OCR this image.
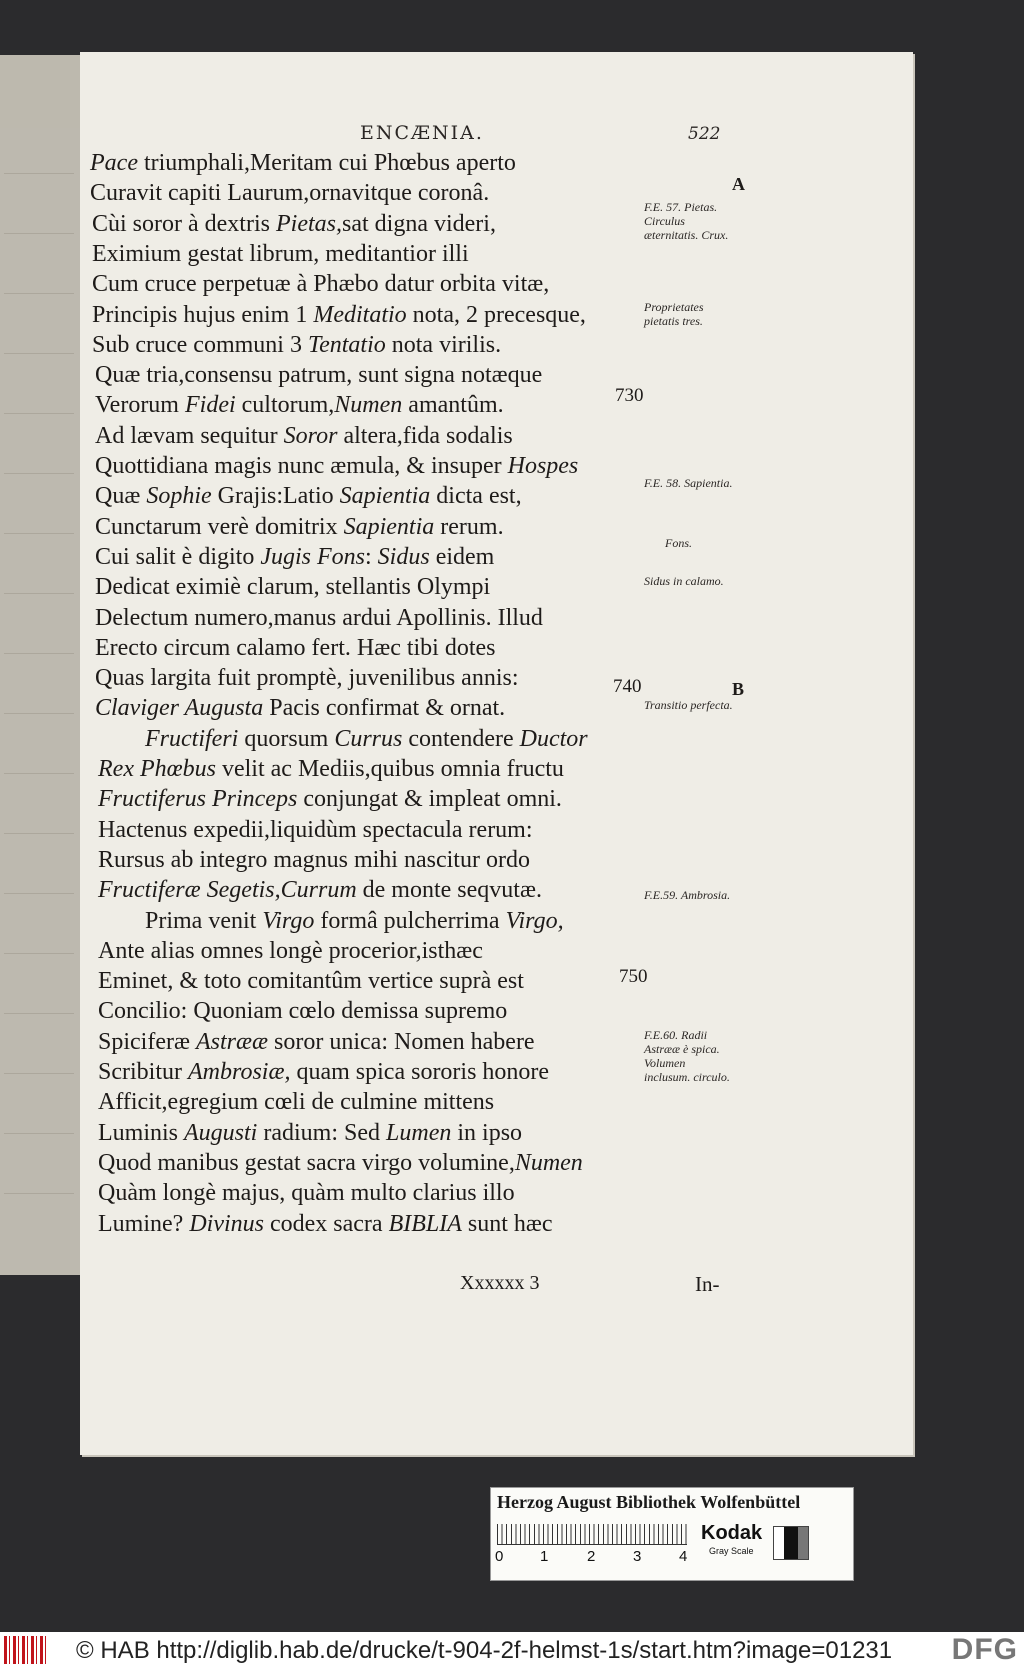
ENCÆNIA.	522
Pace triumphali,Meritam cui Phœbus aperto
Curavit capiti Laurum,ornavitque coronâ.
Cùi soror à dextris Pietas,sat digna videri,
Eximium gestat librum, meditantior illi
Cum cruce perpetuæ à Phæbo datur orbita vitæ,
Principis hujus enim 1 Meditatio nota, 2 precesque,
Sub cruce communi 3 Tentatio nota virilis.
Quæ tria,consensu patrum, sunt signa notæque
Verorum Fidei cultorum,Numen amantûm.
Ad lævam sequitur Soror altera,fida sodalis
Quottidiana magis nunc æmula, & insuper Hospes
Quæ Sophie Grajis:Latio Sapientia dicta est,
Cunctarum verè domitrix Sapientia rerum.
Cui salit è digito Jugis Fons: Sidus eidem
Dedicat eximiè clarum, stellantis Olympi
Delectum numero,manus ardui Apollinis. Illud
Erecto circum calamo fert. Hæc tibi dotes
Quas largita fuit promptè, juvenilibus annis:
Claviger Augusta Pacis confirmat & ornat.
Fructiferi quorsum Currus contendere Ductor
Rex Phœbus velit ac Mediis,quibus omnia fructu
Fructiferus Princeps conjungat & impleat omni.
Hactenus expedii,liquidùm spectacula rerum:
Rursus ab integro magnus mihi nascitur ordo
Fructiferæ Segetis,Currum de monte seqvutæ.
Prima venit Virgo formâ pulcherrima Virgo,
Ante alias omnes longè procerior,isthæc
Eminet, & toto comitantûm vertice suprà est
Concilio: Quoniam cœlo demissa supremo
Spiciferæ Astrææ soror unica: Nomen habere
Scribitur Ambrosiæ, quam spica sororis honore
Afficit,egregium cœli de culmine mittens
Luminis Augusti radium: Sed Lumen in ipso
Quod manibus gestat sacra virgo volumine,Numen
Quàm longè majus, quàm multo clarius illo
Lumine? Divinus codex sacra BIBLIA sunt hæc
A
B
730
740
750
F.E. 57. Pietas. Circulus æternitatis. Crux.
Proprietates pietatis tres.
F.E. 58. Sapientia.
Fons.
Sidus in calamo.
Transitio perfecta.
F.E.59. Ambrosia.
F.E.60. Radii Astrææ è spica. Volumen inclusum. circulo.
Xxxxxx 3	In-
Herzog August Bibliothek Wolfenbüttel
0 1	2	3	4
Kodak
Gray Scale
© HAB http://diglib.hab.de/drucke/t-904-2f-helmst-1s/start.htm?image=01231 DFG
